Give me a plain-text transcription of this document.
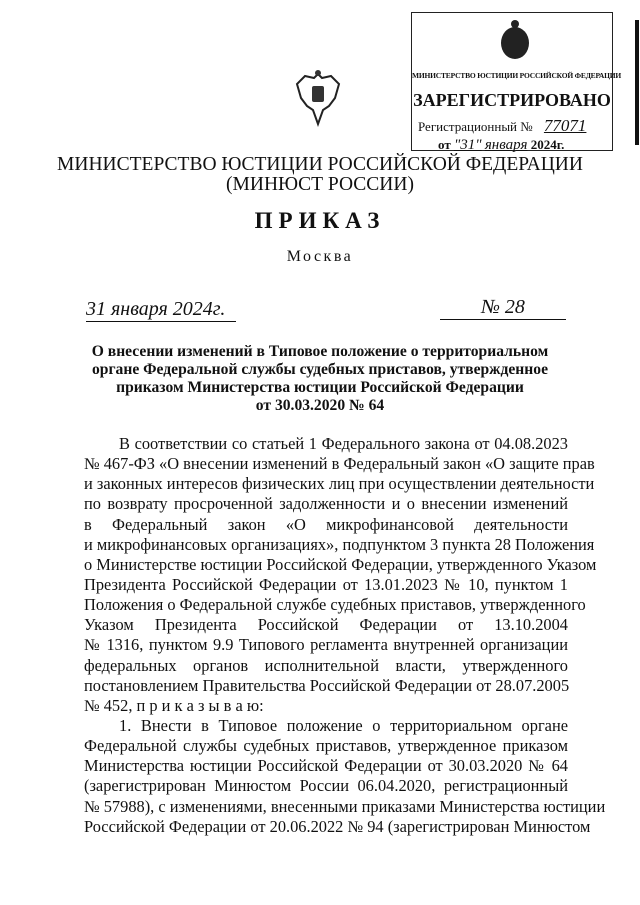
МИНИСТЕРСТВО ЮСТИЦИИ РОССИЙСКОЙ ФЕДЕРАЦИИ
ЗАРЕГИСТРИРОВАНО
Регистрационный № 77071
от "31" января 2024г.
МИНИСТЕРСТВО ЮСТИЦИИ РОССИЙСКОЙ ФЕДЕРАЦИИ
(МИНЮСТ РОССИИ)
ПРИКАЗ
Москва
31 января 2024г.	№ 28
О внесении изменений в Типовое положение о территориальном
органе Федеральной службы судебных приставов, утвержденное
приказом Министерства юстиции Российской Федерации
от 30.03.2020 № 64
В соответствии со статьей 1 Федерального закона от 04.08.2023
№ 467-ФЗ «О внесении изменений в Федеральный закон «О защите прав
и законных интересов физических лиц при осуществлении деятельности
по возврату просроченной задолженности и о внесении изменений
в Федеральный закон «О микрофинансовой деятельности
и микрофинансовых организациях», подпунктом 3 пункта 28 Положения
о Министерстве юстиции Российской Федерации, утвержденного Указом
Президента Российской Федерации от 13.01.2023 № 10, пунктом 1
Положения о Федеральной службе судебных приставов, утвержденного
Указом Президента Российской Федерации от 13.10.2004
№ 1316, пунктом 9.9 Типового регламента внутренней организации
федеральных органов исполнительной власти, утвержденного
постановлением Правительства Российской Федерации от 28.07.2005
№ 452, п р и к а з ы в а ю:
1. Внести в Типовое положение о территориальном органе
Федеральной службы судебных приставов, утвержденное приказом
Министерства юстиции Российской Федерации от 30.03.2020 № 64
(зарегистрирован Минюстом России 06.04.2020, регистрационный
№ 57988), с изменениями, внесенными приказами Министерства юстиции
Российской Федерации от 20.06.2022 № 94 (зарегистрирован Минюстом
